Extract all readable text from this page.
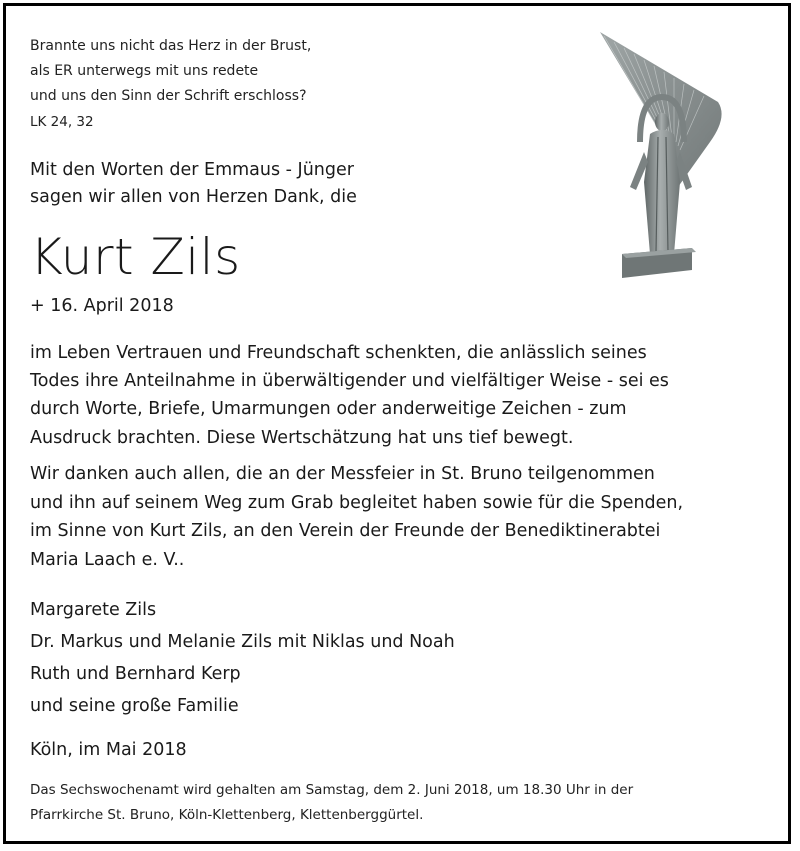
Brannte uns nicht das Herz in der Brust,
als ER unterwegs mit uns redete
und uns den Sinn der Schrift erschloss?
LK 24, 32
Mit den Worten der Emmaus - Jünger
sagen wir allen von Herzen Dank, die
Kurt Zils
+ 16. April 2018
im Leben Vertrauen und Freundschaft schenkten, die anlässlich seines
Todes ihre Anteilnahme in überwältigender und vielfältiger Weise - sei es
durch Worte, Briefe, Umarmungen oder anderweitige Zeichen - zum
Ausdruck brachten. Diese Wertschätzung hat uns tief bewegt.
Wir danken auch allen, die an der Messfeier in St. Bruno teilgenommen
und ihn auf seinem Weg zum Grab begleitet haben sowie für die Spenden,
im Sinne von Kurt Zils, an den Verein der Freunde der Benediktinerabtei
Maria Laach e. V..
Margarete Zils
Dr. Markus und Melanie Zils mit Niklas und Noah
Ruth und Bernhard Kerp
und seine große Familie
Köln, im Mai 2018
Das Sechswochenamt wird gehalten am Samstag, dem 2. Juni 2018, um 18.30 Uhr in der
Pfarrkirche St. Bruno, Köln-Klettenberg, Klettenberggürtel.
